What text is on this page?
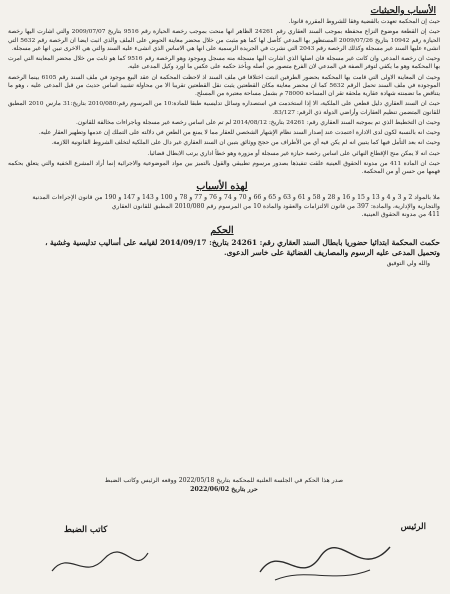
الأسباب والحيثيات

حيث إن المحكمة تعهدت بالقضية وفقا للشروط المقررة قانونا.

حيث إن القطعة موضوع النزاع محفظة بموجب السند العقاري رقم 24261 الظاهر انها منحت بموجب رخصة الحيازة رقم 9516 بتاريخ 2009/07/07 والتي اشارت اليها رخصة الحيازة رقم 10942 بتاريخ 2009/07/26 المستظهر بها المدعي كأصل لها كما هو مثبت من خلال محضر معاينة الحوض على الملف والذي اثبت ايضا ان الرخصة رقم 5632 التي انشىء عليها السند غير مسجلة وكذلك الرخصة رقم 2043 التي نشرت في الجريدة الرسمية على انها هي الاساس الذي انشىء عليه السند والتي هي الاخرى تبين انها غير مسجلة.

وحيث ان رخصة المدعي وان كانت غير مسجلة فان اصلها الذي اشارت اليها مسجلة منه مسجل وموجود وهو الرخصة رقم 9516 كما هو ثابت من خلال محضر المعاينة التي امرت بها المحكمة وهو ما يكفي لتوفر الصفة في المدعي لان الفرع متصور من أصله وبأخذ حكمه على عكس ما اورد وكيل المدعى عليه.

وحيث ان المعاينة الاولى التي قامت بها المحكمة بحضور الطرفين اثبتت اختلافا في ملف السند اذ لاحظت المحكمة ان عقد البيع موجود في ملف السند رقم 6105 بينما الرخصة الموجودة في ملف السند تحمل الرقم 5632 كما ان محضر معاينة مكان القطعتين يثبت نقل القطعتين تقريبا الا من محاولة تشييد اساس حديث من قبل المدعى عليه ، وهو ما يتناقض ما تضمنته شهادة عقارية ملحقة تقر ان المساحة 78000 م بشمل مساحة معتبرة من المسلح.

حيث ان السند العقاري دليل قطعي على الملكية، الا إذا استخدمت في استصداره وسائل تدليسية طبقا للمادة:10 من المرسوم رقم:2010/080 بتاريخ:31 مارس 2010 المطبق للقانون المتضمن تنظيم العقارات وأراضي الدولة ذي الرقم: 83/127.

وحيث ان التخطيط الذي تم بموجبه السند العقاري رقم: 24261 بتاريخ: 2014/08/12 لم تم على اساس رخصة غير مسجلة وباجراءات مخالفة للقانون.

وحيث انه بالنسبة لكون لدى الادارة اعتمدت عند إصدار السند نظام الإشهار الشخصي للعقار مما لا يمنع من الطعن في دلالته على التملك إن عدمها وتطهير العقار عليه.

وحيث انه بعد التأمل فيها كما يتبين انه لم يكن فيه أي من الأطراف من حجج ووثائق بتبين ان السند العقاري غير دال على الملكية لتخلف الشروط القانونية اللازمة.

حيث انه لا يمكن منح الإقطاع النهائي على اساس رخصة حيازة غير مسجلة أو مزورة وهو خطأ اداري يرتب الابطال قضائيا.

حيث ان المادة 411 من مدونة الحقوق العينية علقت تنفيذها بصدور مرسوم تطبيقي والقول بالتميز بين مواد الموضوعية والاجرائية إنما أراد المشرع الخفية والتي يتعلق بحكمه فهمها من حسن أو من المحكمة.

لهذه الأسباب

ملا بالمواد 2 و 3 و 4 و 13 و 15 و 16 و 28 و 58 و 61 و 63 و 65 و 66 و 70 و 74 و 76 و 77 و 78 و 100 و 143 و 147 و 190 من قانون الإجراءات المدنية

والتجارية والإدارية، والمادة: 397 من قانون الالتزامات والعقود والمادة 10 من المرسوم رقم 2010/080 المطبق للقانون العقاري

411 من مدونة الحقوق العينية.

الحكم

حكمت المحكمة ابتدائيا حضوريا بابطال السند العقاري رقم: 24261 بتاريخ: 2014/09/17 لقيامه على أساليب تدليسية وغشية ،

وتحميل المدعى عليه الرسوم والمصاريف القضائية على خاسر الدعوى.

والله ولي التوفيق

صدر هذا الحكم في الجلسة العلنية للمحكمة بتاريخ 2022/05/18 ووقعه الرئيس وكاتب الضبط
حرر بتاريخ 2022/06/02
الرئيس
كاتب الضبط
